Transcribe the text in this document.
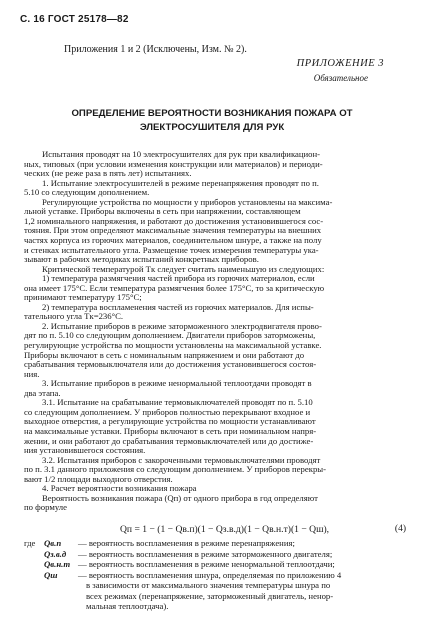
С. 16 ГОСТ 25178—82
Приложения 1 и 2 (Исключены, Изм. № 2).
ПРИЛОЖЕНИЕ 3
Обязательное
ОПРЕДЕЛЕНИЕ ВЕРОЯТНОСТИ ВОЗНИКАНИЯ ПОЖАРА ОТ
ЭЛЕКТРОСУШИТЕЛЯ ДЛЯ РУК
Испытания проводят на 10 электросушителях для рук при квалификацион-
ных, типовых (при условии изменения конструкции или материалов) и периоди-
ческих (не реже раза в пять лет) испытаниях.
1. Испытание электросушителей в режиме перенапряжения проводят по п.
5.10 со следующим дополнением.
Регулирующие устройства по мощности у приборов установлены на максима-
льной уставке. Приборы включены в сеть при напряжении, составляющем
1,2 номинального напряжения, и работают до достижения установившегося сос-
тояния. При этом определяют максимальные значения температуры на внешних
частях корпуса из горючих материалов, соединительном шнуре, а также на полу
и стенках испытательного угла. Размещение точек измерения температуры ука-
зывают в рабочих методиках испытаний конкретных приборов.
Критической температурой Tк следует считать наименьшую из следующих:
1) температура размягчения частей прибора из горючих материалов, если
она имеет 175°С. Если температура размягчения более 175°С, то за критическую
принимают температуру 175°С;
2) температура воспламенения частей из горючих материалов. Для испы-
тательного угла Tк=236°С.
2. Испытание приборов в режиме заторможенного электродвигателя прово-
дят по п. 5.10 со следующим дополнением. Двигатели приборов заторможены,
регулирующие устройства по мощности установлены на максимальной уставке.
Приборы включают в сеть с номинальным напряжением и они работают до
срабатывания термовыключателя или до достижения установившегося состоя-
ния.
3. Испытание приборов в режиме ненормальной теплоотдачи проводят в
два этапа.
3.1. Испытание на срабатывание термовыключателей проводят по п. 5.10
со следующим дополнением. У приборов полностью перекрывают входное и
выходное отверстия, а регулирующие устройства по мощности устанавливают
на максимальные уставки. Приборы включают в сеть при номинальном напря-
жении, и они работают до срабатывания термовыключателей или до достиже-
ния установившегося состояния.
3.2. Испытания приборов с закороченными термовыключателями проводят
по п. 3.1 данного приложения со следующим дополнением. У приборов перекры-
вают 1/2 площади выходного отверстия.
4. Расчет вероятности возникания пожара
Вероятность возникания пожара (Qп) от одного прибора в год определяют
по формуле
Qп = 1 − (1 − Qв.п)(1 − Qз.в.д)(1 − Qв.н.т)(1 − Qш),	(4)
где Qв.п — вероятность воспламенения в режиме перенапряжения;
Qз.в.д — вероятность воспламенения в режиме заторможенного двигателя;
Qв.н.т — вероятность воспламенения в режиме ненормальной теплоотдачи;
Qш — вероятность воспламенения шнура, определяемая по приложению 4
в зависимости от максимального значения температуры шнура по
всех режимах (перенапряжение, заторможенный двигатель, ненор-
мальная теплоотдача).
